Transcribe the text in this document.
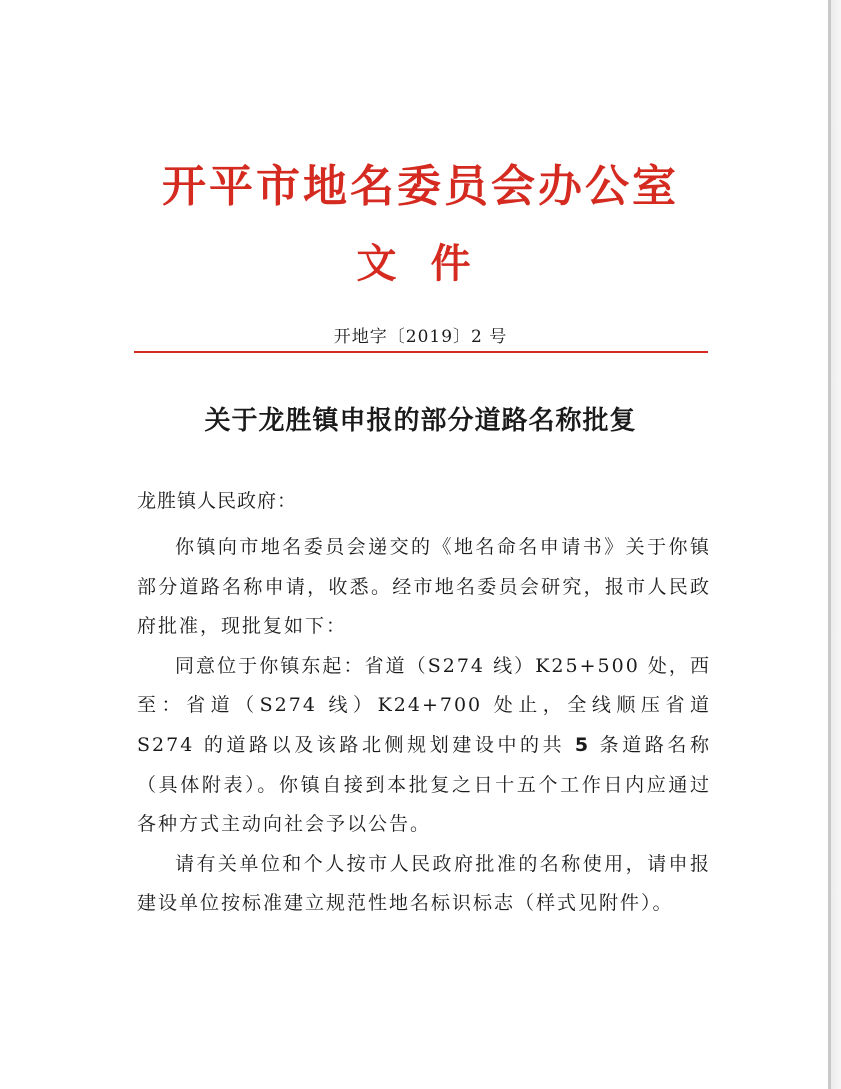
开平市地名委员会办公室
文件
开地字〔2019〕2 号
关于龙胜镇申报的部分道路名称批复
龙胜镇人民政府：

你镇向市地名委员会递交的《地名命名申请书》关于你镇部分道路名称申请，收悉。经市地名委员会研究，报市人民政府批准，现批复如下：

同意位于你镇东起：省道（S274 线）K25+500 处，西至：省道（S274 线）K24+700 处止，全线顺压省道 S274 的道路以及该路北侧规划建设中的共 5 条道路名称（具体附表）。你镇自接到本批复之日十五个工作日内应通过各种方式主动向社会予以公告。

请有关单位和个人按市人民政府批准的名称使用，请申报建设单位按标准建立规范性地名标识标志（样式见附件）。
